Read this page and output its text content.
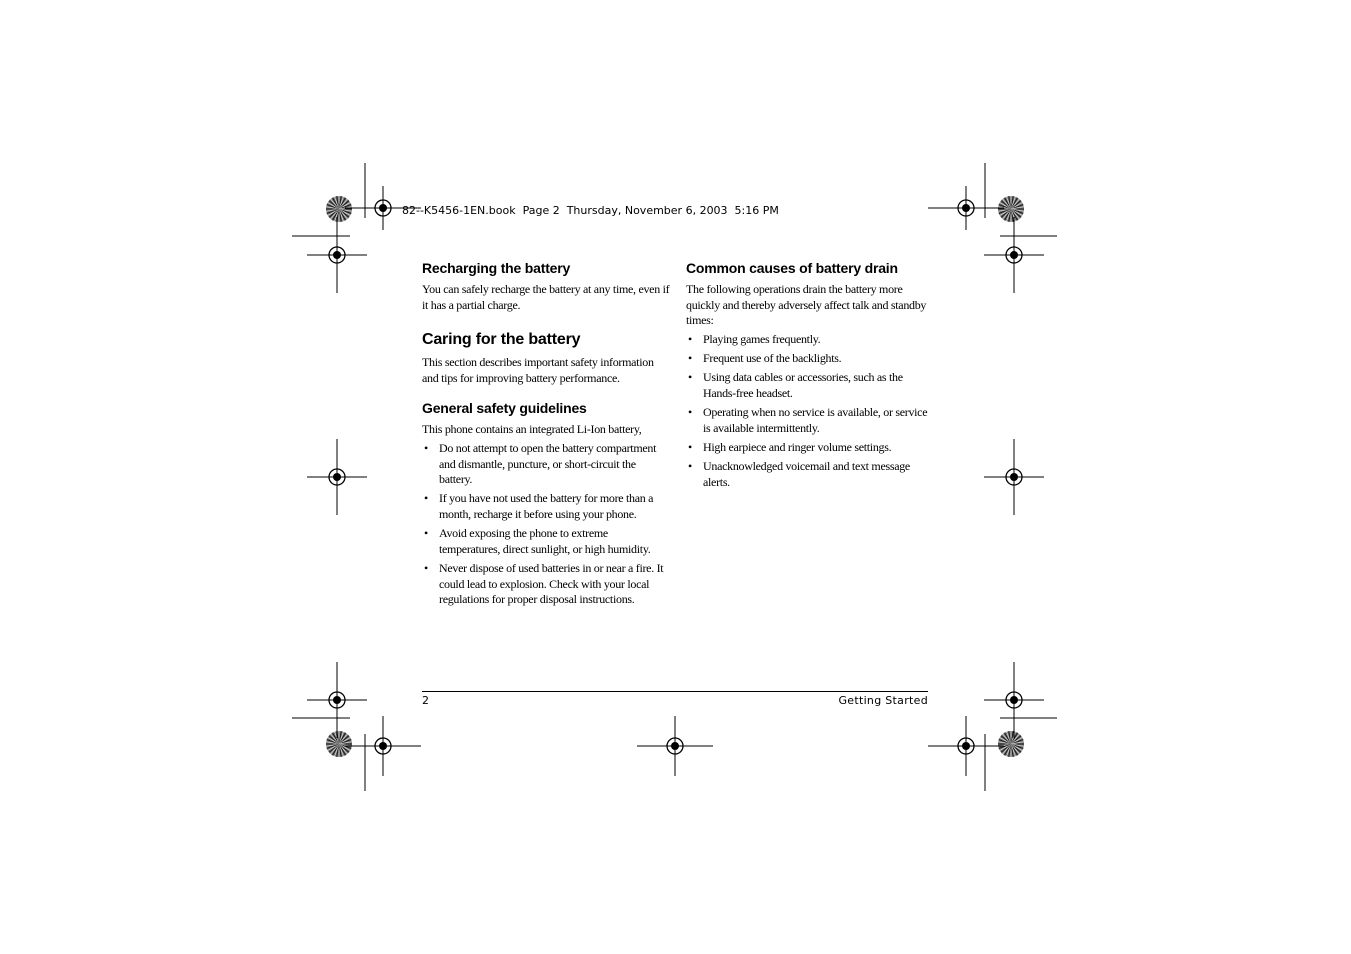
82--K5456-1EN.book  Page 2  Thursday, November 6, 2003  5:16 PM
Recharging the battery

You can safely recharge the battery at any time, even if it has a partial charge.

Caring for the battery

This section describes important safety information and tips for improving battery performance.

General safety guidelines

This phone contains an integrated Li-Ion battery,

• Do not attempt to open the battery compartment and dismantle, puncture, or short-circuit the battery.
• If you have not used the battery for more than a month, recharge it before using your phone.
• Avoid exposing the phone to extreme temperatures, direct sunlight, or high humidity.
• Never dispose of used batteries in or near a fire. It could lead to explosion. Check with your local regulations for proper disposal instructions.
Common causes of battery drain

The following operations drain the battery more quickly and thereby adversely affect talk and standby times:

• Playing games frequently.
• Frequent use of the backlights.
• Using data cables or accessories, such as the Hands-free headset.
• Operating when no service is available, or service is available intermittently.
• High earpiece and ringer volume settings.
• Unacknowledged voicemail and text message alerts.
2	Getting Started
